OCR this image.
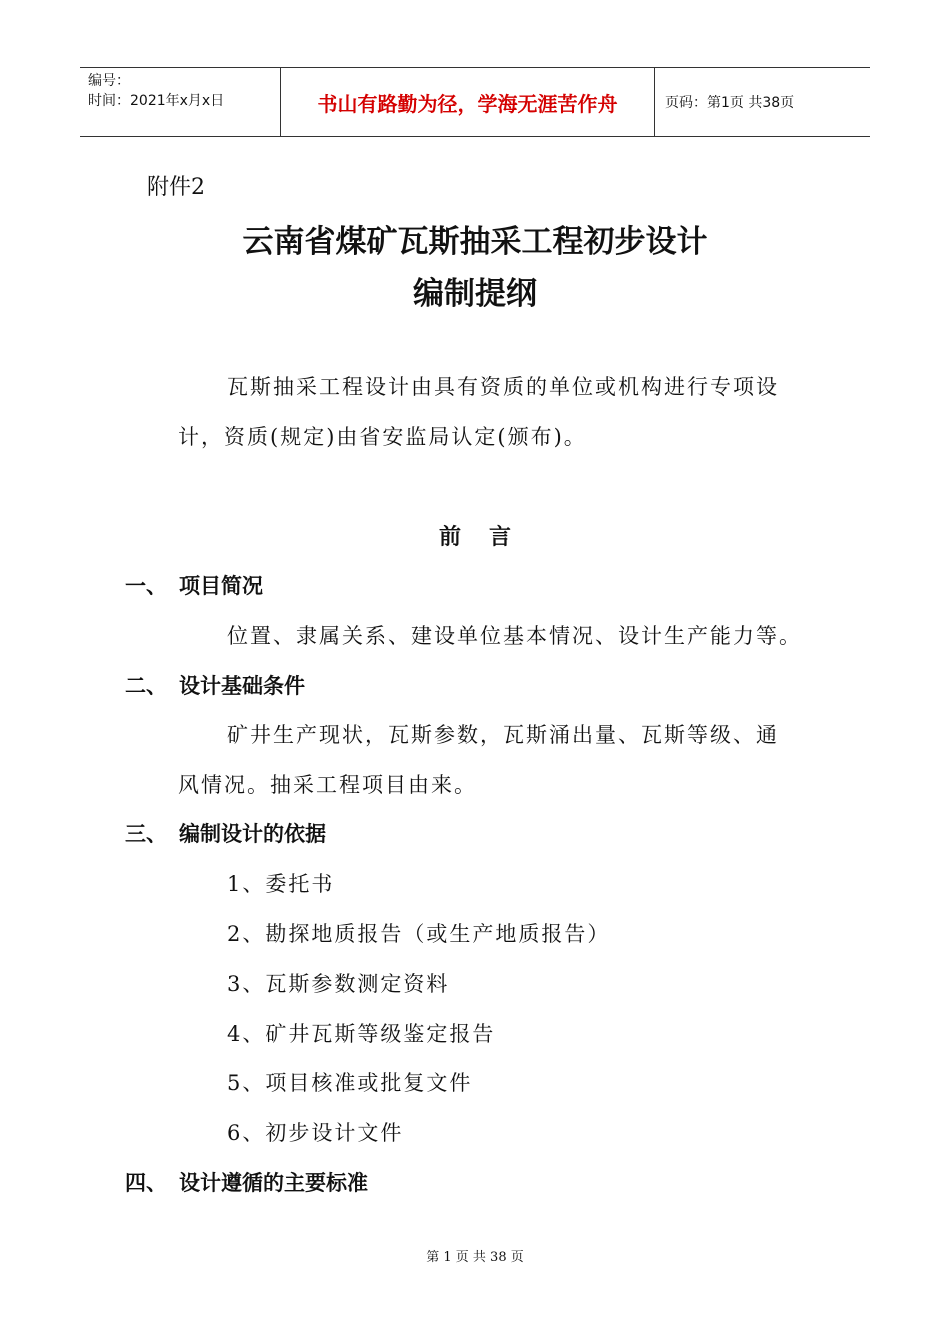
编号：
时间：2021年x月x日	书山有路勤为径，学海无涯苦作舟	页码：第1页 共38页
附件2
云南省煤矿瓦斯抽采工程初步设计
编制提纲
瓦斯抽采工程设计由具有资质的单位或机构进行专项设
计，资质(规定)由省安监局认定(颁布)。
前 言
一、 项目简况
位置、隶属关系、建设单位基本情况、设计生产能力等。
二、 设计基础条件
矿井生产现状，瓦斯参数，瓦斯涌出量、瓦斯等级、通
风情况。抽采工程项目由来。
三、 编制设计的依据
1、委托书
2、勘探地质报告（或生产地质报告）
3、瓦斯参数测定资料
4、矿井瓦斯等级鉴定报告
5、项目核准或批复文件
6、初步设计文件
四、 设计遵循的主要标准
第 1 页 共 38 页
